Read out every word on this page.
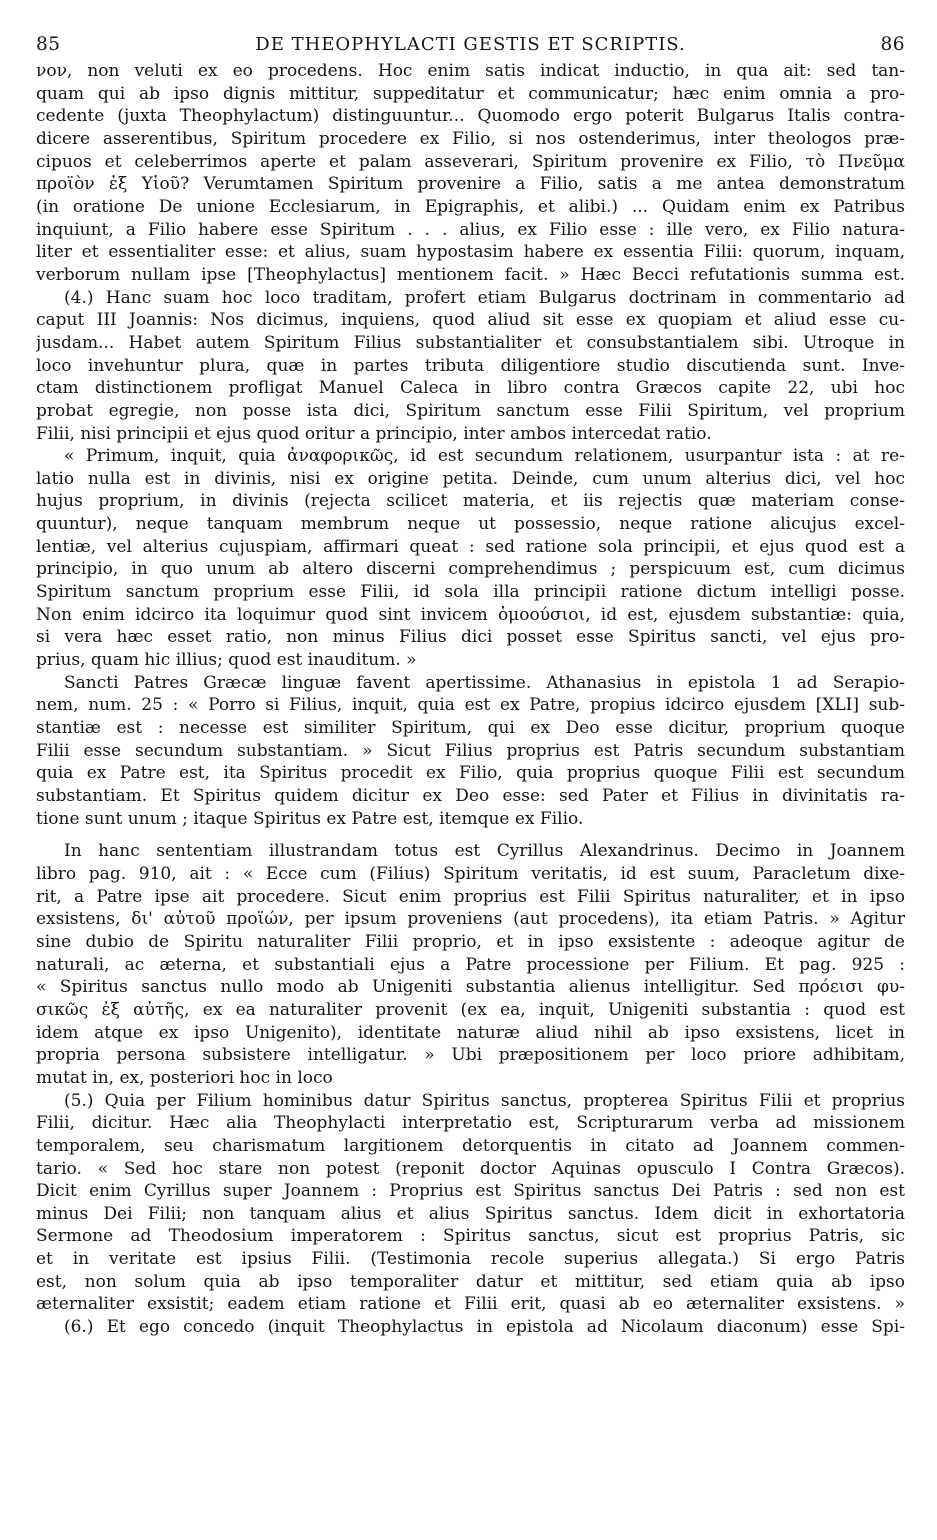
85	DE THEOPHYLACTI GESTIS ET SCRIPTIS.	86
νον, non veluti ex eo procedens. Hoc enim satis indicat inductio, in qua ait: sed tan-
quam qui ab ipso dignis mittitur, suppeditatur et communicatur; hæc enim omnia a pro-
cedente (juxta Theophylactum) distinguuntur... Quomodo ergo poterit Bulgarus Italis contra-
dicere asserentibus, Spiritum procedere ex Filio, si nos ostenderimus, inter theologos præ-
cipuos et celeberrimos aperte et palam asseverari, Spiritum provenire ex Filio, τὸ Πνεῦμα
προϊὸν ἐξ Υἱοῦ? Verumtamen Spiritum provenire a Filio, satis a me antea demonstratum
(in oratione De unione Ecclesiarum, in Epigraphis, et alibi.) ... Quidam enim ex Patribus
inquiunt, a Filio habere esse Spiritum . . . alius, ex Filio esse : ille vero, ex Filio natura-
liter et essentialiter esse: et alius, suam hypostasim habere ex essentia Filii: quorum, inquam,
verborum nullam ipse [Theophylactus] mentionem facit. » Hæc Becci refutationis summa est.
(4.) Hanc suam hoc loco traditam, profert etiam Bulgarus doctrinam in commentario ad
caput III Joannis: Nos dicimus, inquiens, quod aliud sit esse ex quopiam et aliud esse cu-
jusdam... Habet autem Spiritum Filius substantialiter et consubstantialem sibi. Utroque in
loco invehuntur plura, quæ in partes tributa diligentiore studio discutienda sunt. Inve-
ctam distinctionem profligat Manuel Caleca in libro contra Græcos capite 22, ubi hoc
probat egregie, non posse ista dici, Spiritum sanctum esse Filii Spiritum, vel proprium
Filii, nisi principii et ejus quod oritur a principio, inter ambos intercedat ratio.
« Primum, inquit, quia ἀναφορικῶς, id est secundum relationem, usurpantur ista : at re-
latio nulla est in divinis, nisi ex origine petita. Deinde, cum unum alterius dici, vel hoc
hujus proprium, in divinis (rejecta scilicet materia, et iis rejectis quæ materiam conse-
quuntur), neque tanquam membrum neque ut possessio, neque ratione alicujus excel-
lentiæ, vel alterius cujuspiam, affirmari queat : sed ratione sola principii, et ejus quod est a
principio, in quo unum ab altero discerni comprehendimus ; perspicuum est, cum dicimus
Spiritum sanctum proprium esse Filii, id sola illa principii ratione dictum intelligi posse.
Non enim idcirco ita loquimur quod sint invicem ὁμοούσιοι, id est, ejusdem substantiæ: quia,
si vera hæc esset ratio, non minus Filius dici posset esse Spiritus sancti, vel ejus pro-
prius, quam hic illius; quod est inauditum. »
Sancti Patres Græcæ linguæ favent apertissime. Athanasius in epistola 1 ad Serapio-
nem, num. 25 : « Porro si Filius, inquit, quia est ex Patre, propius idcirco ejusdem [XLI] sub-
stantiæ est : necesse est similiter Spiritum, qui ex Deo esse dicitur, proprium quoque
Filii esse secundum substantiam. » Sicut Filius proprius est Patris secundum substantiam
quia ex Patre est, ita Spiritus procedit ex Filio, quia proprius quoque Filii est secundum
substantiam. Et Spiritus quidem dicitur ex Deo esse: sed Pater et Filius in divinitatis ra-
tione sunt unum ; itaque Spiritus ex Patre est, itemque ex Filio.
In hanc sententiam illustrandam totus est Cyrillus Alexandrinus. Decimo in Joannem
libro pag. 910, ait : « Ecce cum (Filius) Spiritum veritatis, id est suum, Paracletum dixe-
rit, a Patre ipse ait procedere. Sicut enim proprius est Filii Spiritus naturaliter, et in ipso
exsistens, δι' αὐτοῦ προϊών, per ipsum proveniens (aut procedens), ita etiam Patris. » Agitur
sine dubio de Spiritu naturaliter Filii proprio, et in ipso exsistente : adeoque agitur de
naturali, ac æterna, et substantiali ejus a Patre processione per Filium. Et pag. 925 :
« Spiritus sanctus nullo modo ab Unigeniti substantia alienus intelligitur. Sed πρόεισι φυ-
σικῶς ἐξ αὐτῆς, ex ea naturaliter provenit (ex ea, inquit, Unigeniti substantia : quod est
idem atque ex ipso Unigenito), identitate naturæ aliud nihil ab ipso exsistens, licet in
propria persona subsistere intelligatur. » Ubi præpositionem per loco priore adhibitam,
mutat in, ex, posteriori hoc in loco
(5.) Quia per Filium hominibus datur Spiritus sanctus, propterea Spiritus Filii et proprius
Filii, dicitur. Hæc alia Theophylacti interpretatio est, Scripturarum verba ad missionem
temporalem, seu charismatum largitionem detorquentis in citato ad Joannem commen-
tario. « Sed hoc stare non potest (reponit doctor Aquinas opusculo I Contra Græcos).
Dicit enim Cyrillus super Joannem : Proprius est Spiritus sanctus Dei Patris : sed non est
minus Dei Filii; non tanquam alius et alius Spiritus sanctus. Idem dicit in exhortatoria
Sermone ad Theodosium imperatorem : Spiritus sanctus, sicut est proprius Patris, sic
et in veritate est ipsius Filii. (Testimonia recole superius allegata.) Si ergo Patris
est, non solum quia ab ipso temporaliter datur et mittitur, sed etiam quia ab ipso
æternaliter exsistit; eadem etiam ratione et Filii erit, quasi ab eo æternaliter exsistens. »
(6.) Et ego concedo (inquit Theophylactus in epistola ad Nicolaum diaconum) esse Spi-
